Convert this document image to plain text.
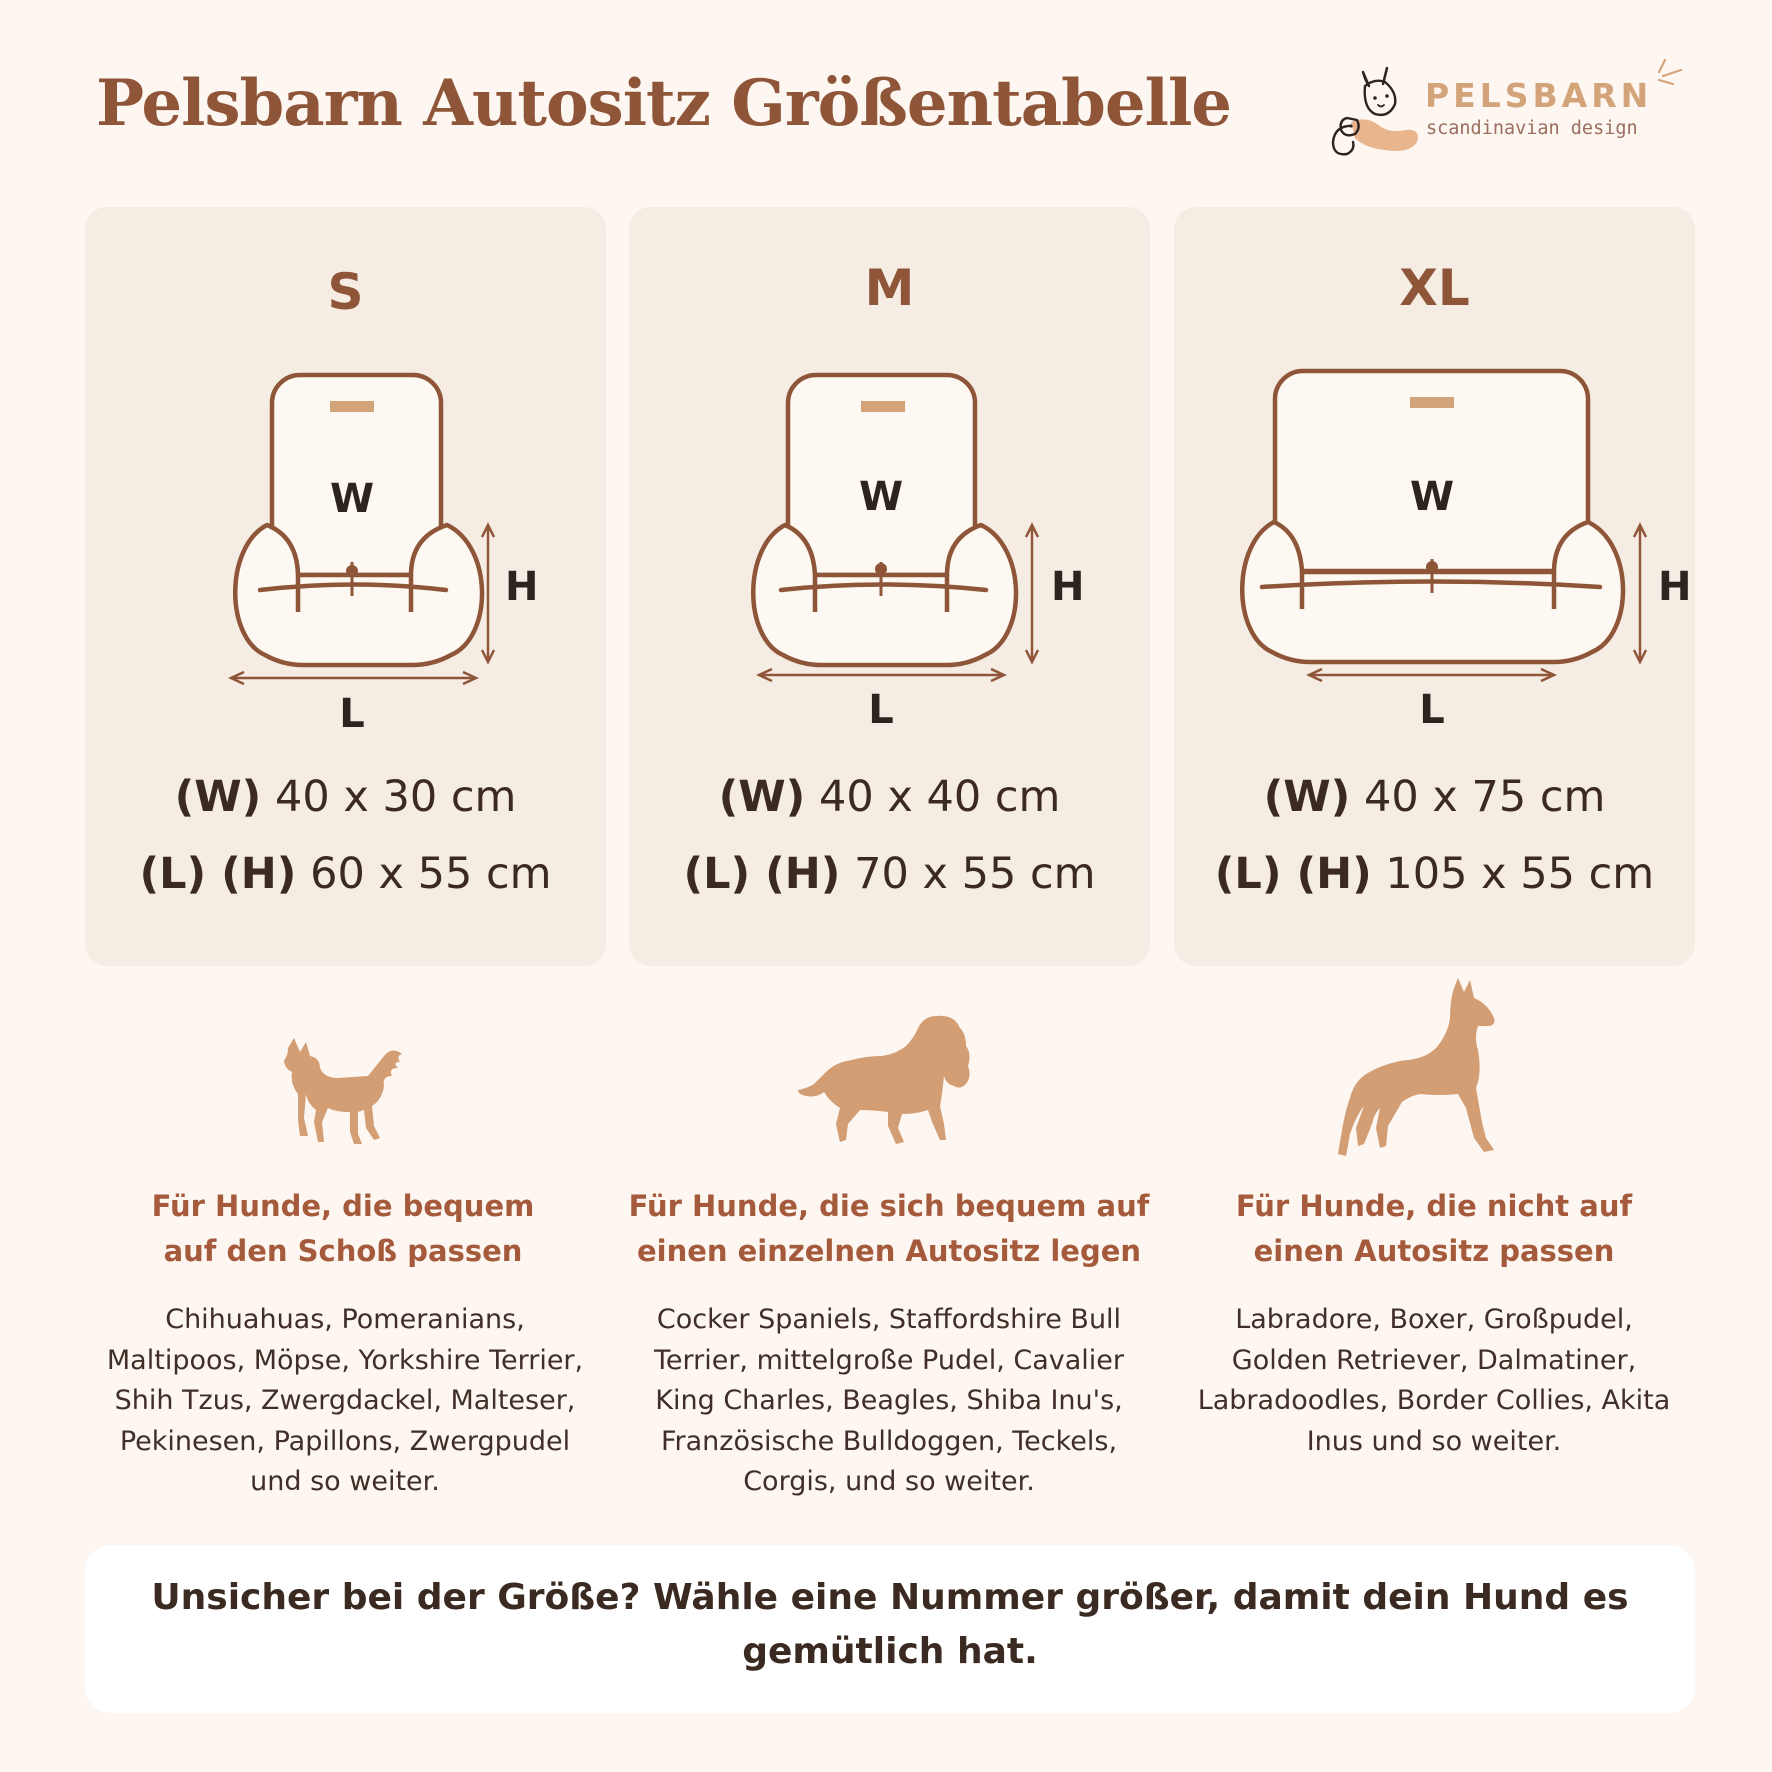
Pelsbarn Autositz Größentabelle	PELSBARN
scandinavian design
S
W
H
L
(W) 40 x 30 cm
(L) (H) 60 x 55 cm
M
W
H
L
(W) 40 x 40 cm
(L) (H) 70 x 55 cm
XL
W
H
L
(W) 40 x 75 cm
(L) (H) 105 x 55 cm
Für Hunde, die bequem
auf den Schoß passen
Für Hunde, die sich bequem auf
einen einzelnen Autositz legen
Für Hunde, die nicht auf
einen Autositz passen
Chihuahuas, Pomeranians,
Maltipoos, Möpse, Yorkshire Terrier,
Shih Tzus, Zwergdackel, Malteser,
Pekinesen, Papillons, Zwergpudel
und so weiter.
Cocker Spaniels, Staffordshire Bull
Terrier, mittelgroße Pudel, Cavalier
King Charles, Beagles, Shiba Inu's,
Französische Bulldoggen, Teckels,
Corgis, und so weiter.
Labradore, Boxer, Großpudel,
Golden Retriever, Dalmatiner,
Labradoodles, Border Collies, Akita
Inus und so weiter.
Unsicher bei der Größe? Wähle eine Nummer größer, damit dein Hund es
gemütlich hat.
